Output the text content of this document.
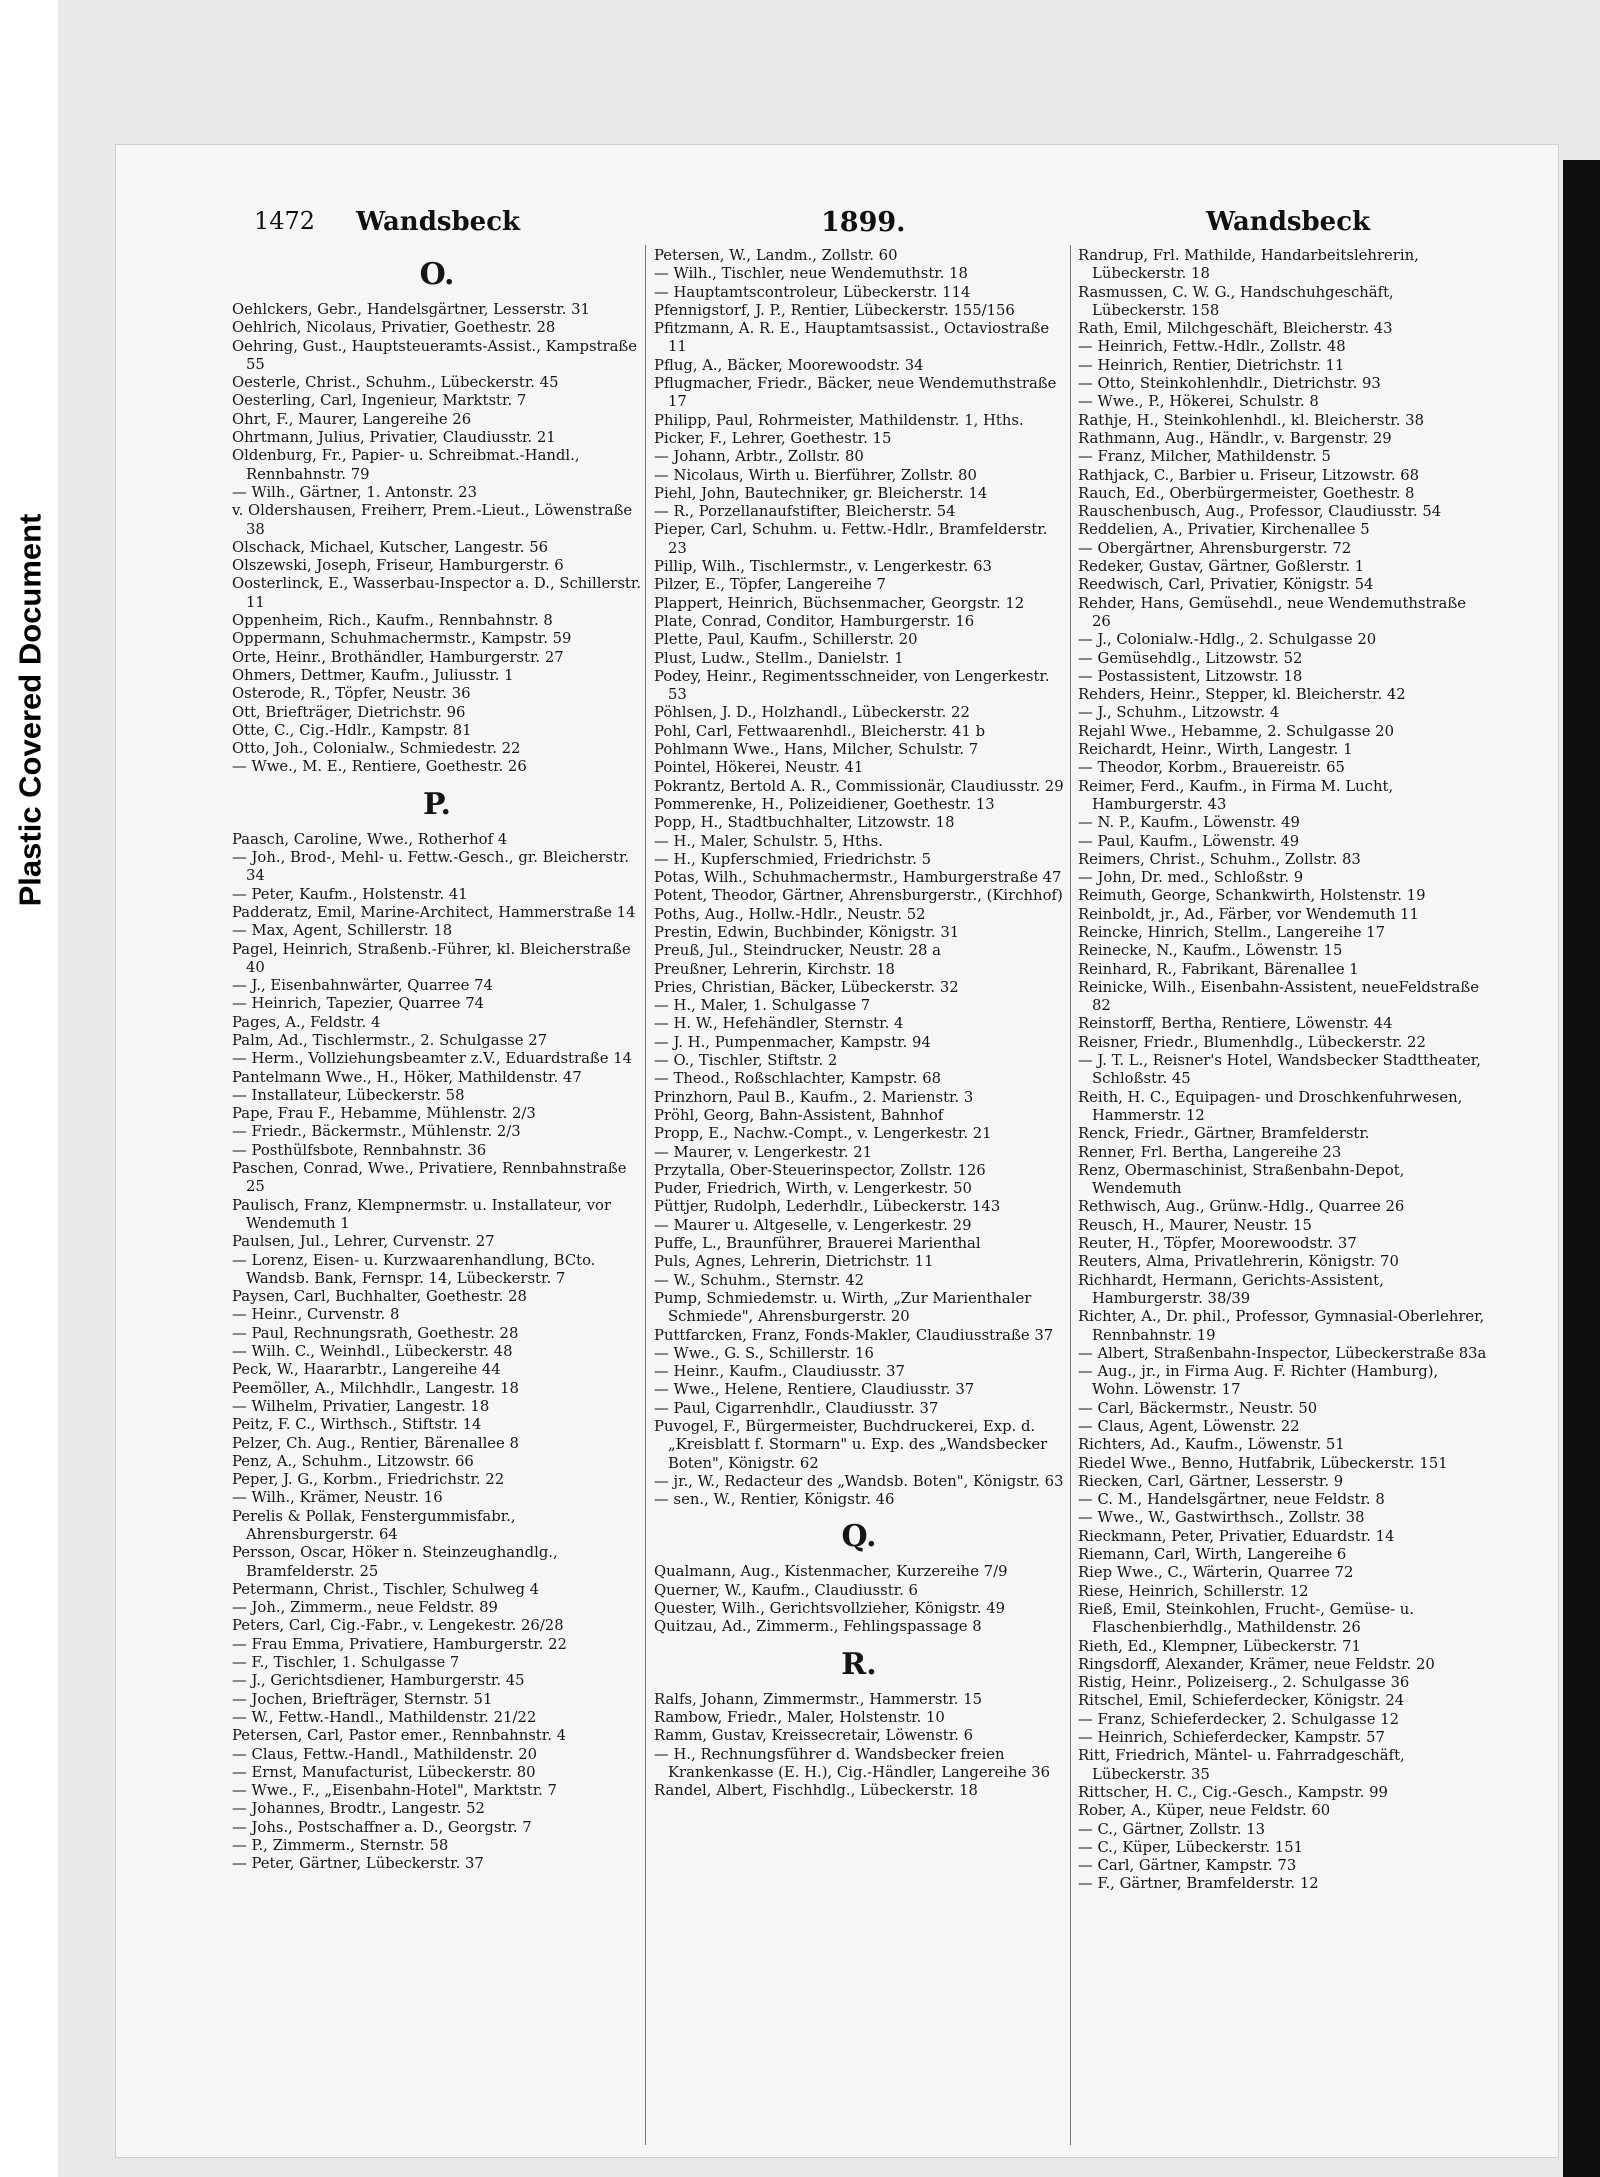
Plastic Covered Document
1472 Wandsbeck	1899.	Wandsbeck
O.
Oehlckers, Gebr., Handelsgärtner, Lesserstr. 31
Oehlrich, Nicolaus, Privatier, Goethestr. 28
Oehring, Gust., Hauptsteueramts-Assist., Kampstraße 55
Oesterle, Christ., Schuhm., Lübeckerstr. 45
Oesterling, Carl, Ingenieur, Marktstr. 7
Ohrt, F., Maurer, Langereihe 26
Ohrtmann, Julius, Privatier, Claudiusstr. 21
Oldenburg, Fr., Papier- u. Schreibmat.-Handl., Rennbahnstr. 79
— Wilh., Gärtner, 1. Antonstr. 23
v. Oldershausen, Freiherr, Prem.-Lieut., Löwenstraße 38
Olschack, Michael, Kutscher, Langestr. 56
Olszewski, Joseph, Friseur, Hamburgerstr. 6
Oosterlinck, E., Wasserbau-Inspector a. D., Schillerstr. 11
Oppenheim, Rich., Kaufm., Rennbahnstr. 8
Oppermann, Schuhmachermstr., Kampstr. 59
Orte, Heinr., Brothändler, Hamburgerstr. 27
Ohmers, Dettmer, Kaufm., Juliusstr. 1
Osterode, R., Töpfer, Neustr. 36
Ott, Briefträger, Dietrichstr. 96
Otte, C., Cig.-Hdlr., Kampstr. 81
Otto, Joh., Colonialw., Schmiedestr. 22
— Wwe., M. E., Rentiere, Goethestr. 26
P.
Paasch, Caroline, Wwe., Rotherhof 4
— Joh., Brod-, Mehl- u. Fettw.-Gesch., gr. Bleicherstr. 34
— Peter, Kaufm., Holstenstr. 41
Padderatz, Emil, Marine-Architect, Hammerstraße 14
— Max, Agent, Schillerstr. 18
Pagel, Heinrich, Straßenb.-Führer, kl. Bleicherstraße 40
— J., Eisenbahnwärter, Quarree 74
— Heinrich, Tapezier, Quarree 74
Pages, A., Feldstr. 4
Palm, Ad., Tischlermstr., 2. Schulgasse 27
— Herm., Vollziehungsbeamter z.V., Eduardstraße 14
Pantelmann Wwe., H., Höker, Mathildenstr. 47
— Installateur, Lübeckerstr. 58
Pape, Frau F., Hebamme, Mühlenstr. 2/3
— Friedr., Bäckermstr., Mühlenstr. 2/3
— Posthülfsbote, Rennbahnstr. 36
Paschen, Conrad, Wwe., Privatiere, Rennbahnstraße 25
Paulisch, Franz, Klempnermstr. u. Installateur, vor Wendemuth 1
Paulsen, Jul., Lehrer, Curvenstr. 27
— Lorenz, Eisen- u. Kurzwaarenhandlung, BCto. Wandsb. Bank, Fernspr. 14, Lübeckerstr. 7
Paysen, Carl, Buchhalter, Goethestr. 28
— Heinr., Curvenstr. 8
— Paul, Rechnungsrath, Goethestr. 28
— Wilh. C., Weinhdl., Lübeckerstr. 48
Peck, W., Haararbtr., Langereihe 44
Peemöller, A., Milchhdlr., Langestr. 18
— Wilhelm, Privatier, Langestr. 18
Peitz, F. C., Wirthsch., Stiftstr. 14
Pelzer, Ch. Aug., Rentier, Bärenallee 8
Penz, A., Schuhm., Litzowstr. 66
Peper, J. G., Korbm., Friedrichstr. 22
— Wilh., Krämer, Neustr. 16
Perelis & Pollak, Fenstergummisfabr., Ahrensburgerstr. 64
Persson, Oscar, Höker n. Steinzeughandlg., Bramfelderstr. 25
Petermann, Christ., Tischler, Schulweg 4
— Joh., Zimmerm., neue Feldstr. 89
Peters, Carl, Cig.-Fabr., v. Lengekestr. 26/28
— Frau Emma, Privatiere, Hamburgerstr. 22
— F., Tischler, 1. Schulgasse 7
— J., Gerichtsdiener, Hamburgerstr. 45
— Jochen, Briefträger, Sternstr. 51
— W., Fettw.-Handl., Mathildenstr. 21/22
Petersen, Carl, Pastor emer., Rennbahnstr. 4
— Claus, Fettw.-Handl., Mathildenstr. 20
— Ernst, Manufacturist, Lübeckerstr. 80
— Wwe., F., „Eisenbahn-Hotel", Marktstr. 7
— Johannes, Brodtr., Langestr. 52
— Johs., Postschaffner a. D., Georgstr. 7
— P., Zimmerm., Sternstr. 58
— Peter, Gärtner, Lübeckerstr. 37
Petersen, W., Landm., Zollstr. 60
— Wilh., Tischler, neue Wendemuthstr. 18
— Hauptamtscontroleur, Lübeckerstr. 114
Pfennigstorf, J. P., Rentier, Lübeckerstr. 155/156
Pfitzmann, A. R. E., Hauptamtsassist., Octaviostraße 11
Pflug, A., Bäcker, Moorewoodstr. 34
Pflugmacher, Friedr., Bäcker, neue Wendemuthstraße 17
Philipp, Paul, Rohrmeister, Mathildenstr. 1, Hths.
Picker, F., Lehrer, Goethestr. 15
— Johann, Arbtr., Zollstr. 80
— Nicolaus, Wirth u. Bierführer, Zollstr. 80
Piehl, John, Bautechniker, gr. Bleicherstr. 14
— R., Porzellanaufstifter, Bleicherstr. 54
Pieper, Carl, Schuhm. u. Fettw.-Hdlr., Bramfelderstr. 23
Pillip, Wilh., Tischlermstr., v. Lengerkestr. 63
Pilzer, E., Töpfer, Langereihe 7
Plappert, Heinrich, Büchsenmacher, Georgstr. 12
Plate, Conrad, Conditor, Hamburgerstr. 16
Plette, Paul, Kaufm., Schillerstr. 20
Plust, Ludw., Stellm., Danielstr. 1
Podey, Heinr., Regimentsschneider, von Lengerkestr. 53
Pöhlsen, J. D., Holzhandl., Lübeckerstr. 22
Pohl, Carl, Fettwaarenhdl., Bleicherstr. 41 b
Pohlmann Wwe., Hans, Milcher, Schulstr. 7
Pointel, Hökerei, Neustr. 41
Pokrantz, Bertold A. R., Commissionär, Claudiusstr. 29
Pommerenke, H., Polizeidiener, Goethestr. 13
Popp, H., Stadtbuchhalter, Litzowstr. 18
— H., Maler, Schulstr. 5, Hths.
— H., Kupferschmied, Friedrichstr. 5
Potas, Wilh., Schuhmachermstr., Hamburgerstraße 47
Potent, Theodor, Gärtner, Ahrensburgerstr., (Kirchhof)
Poths, Aug., Hollw.-Hdlr., Neustr. 52
Prestin, Edwin, Buchbinder, Königstr. 31
Preuß, Jul., Steindrucker, Neustr. 28 a
Preußner, Lehrerin, Kirchstr. 18
Pries, Christian, Bäcker, Lübeckerstr. 32
— H., Maler, 1. Schulgasse 7
— H. W., Hefehändler, Sternstr. 4
— J. H., Pumpenmacher, Kampstr. 94
— O., Tischler, Stiftstr. 2
— Theod., Roßschlachter, Kampstr. 68
Prinzhorn, Paul B., Kaufm., 2. Marienstr. 3
Pröhl, Georg, Bahn-Assistent, Bahnhof
Propp, E., Nachw.-Compt., v. Lengerkestr. 21
— Maurer, v. Lengerkestr. 21
Przytalla, Ober-Steuerinspector, Zollstr. 126
Puder, Friedrich, Wirth, v. Lengerkestr. 50
Püttjer, Rudolph, Lederhdlr., Lübeckerstr. 143
— Maurer u. Altgeselle, v. Lengerkestr. 29
Puffe, L., Braunführer, Brauerei Marienthal
Puls, Agnes, Lehrerin, Dietrichstr. 11
— W., Schuhm., Sternstr. 42
Pump, Schmiedemstr. u. Wirth, „Zur Marienthaler Schmiede", Ahrensburgerstr. 20
Puttfarcken, Franz, Fonds-Makler, Claudiusstraße 37
— Wwe., G. S., Schillerstr. 16
— Heinr., Kaufm., Claudiusstr. 37
— Wwe., Helene, Rentiere, Claudiusstr. 37
— Paul, Cigarrenhdlr., Claudiusstr. 37
Puvogel, F., Bürgermeister, Buchdruckerei, Exp. d. „Kreisblatt f. Stormarn" u. Exp. des „Wandsbecker Boten", Königstr. 62
— jr., W., Redacteur des „Wandsb. Boten", Königstr. 63
— sen., W., Rentier, Königstr. 46
Q.
Qualmann, Aug., Kistenmacher, Kurzereihe 7/9
Querner, W., Kaufm., Claudiusstr. 6
Quester, Wilh., Gerichtsvollzieher, Königstr. 49
Quitzau, Ad., Zimmerm., Fehlingspassage 8
R.
Ralfs, Johann, Zimmermstr., Hammerstr. 15
Rambow, Friedr., Maler, Holstenstr. 10
Ramm, Gustav, Kreissecretair, Löwenstr. 6
— H., Rechnungsführer d. Wandsbecker freien Krankenkasse (E. H.), Cig.-Händler, Langereihe 36
Randel, Albert, Fischhdlg., Lübeckerstr. 18
Randrup, Frl. Mathilde, Handarbeitslehrerin, Lübeckerstr. 18
Rasmussen, C. W. G., Handschuhgeschäft, Lübeckerstr. 158
Rath, Emil, Milchgeschäft, Bleicherstr. 43
— Heinrich, Fettw.-Hdlr., Zollstr. 48
— Heinrich, Rentier, Dietrichstr. 11
— Otto, Steinkohlenhdlr., Dietrichstr. 93
— Wwe., P., Hökerei, Schulstr. 8
Rathje, H., Steinkohlenhdl., kl. Bleicherstr. 38
Rathmann, Aug., Händlr., v. Bargenstr. 29
— Franz, Milcher, Mathildenstr. 5
Rathjack, C., Barbier u. Friseur, Litzowstr. 68
Rauch, Ed., Oberbürgermeister, Goethestr. 8
Rauschenbusch, Aug., Professor, Claudiusstr. 54
Reddelien, A., Privatier, Kirchenallee 5
— Obergärtner, Ahrensburgerstr. 72
Redeker, Gustav, Gärtner, Goßlerstr. 1
Reedwisch, Carl, Privatier, Königstr. 54
Rehder, Hans, Gemüsehdl., neue Wendemuthstraße 26
— J., Colonialw.-Hdlg., 2. Schulgasse 20
— Gemüsehdlg., Litzowstr. 52
— Postassistent, Litzowstr. 18
Rehders, Heinr., Stepper, kl. Bleicherstr. 42
— J., Schuhm., Litzowstr. 4
Rejahl Wwe., Hebamme, 2. Schulgasse 20
Reichardt, Heinr., Wirth, Langestr. 1
— Theodor, Korbm., Brauereistr. 65
Reimer, Ferd., Kaufm., in Firma M. Lucht, Hamburgerstr. 43
— N. P., Kaufm., Löwenstr. 49
— Paul, Kaufm., Löwenstr. 49
Reimers, Christ., Schuhm., Zollstr. 83
— John, Dr. med., Schloßstr. 9
Reimuth, George, Schankwirth, Holstenstr. 19
Reinboldt, jr., Ad., Färber, vor Wendemuth 11
Reincke, Hinrich, Stellm., Langereihe 17
Reinecke, N., Kaufm., Löwenstr. 15
Reinhard, R., Fabrikant, Bärenallee 1
Reinicke, Wilh., Eisenbahn-Assistent, neueFeldstraße 82
Reinstorff, Bertha, Rentiere, Löwenstr. 44
Reisner, Friedr., Blumenhdlg., Lübeckerstr. 22
— J. T. L., Reisner's Hotel, Wandsbecker Stadttheater, Schloßstr. 45
Reith, H. C., Equipagen- und Droschkenfuhrwesen, Hammerstr. 12
Renck, Friedr., Gärtner, Bramfelderstr.
Renner, Frl. Bertha, Langereihe 23
Renz, Obermaschinist, Straßenbahn-Depot, Wendemuth
Rethwisch, Aug., Grünw.-Hdlg., Quarree 26
Reusch, H., Maurer, Neustr. 15
Reuter, H., Töpfer, Moorewoodstr. 37
Reuters, Alma, Privatlehrerin, Königstr. 70
Richhardt, Hermann, Gerichts-Assistent, Hamburgerstr. 38/39
Richter, A., Dr. phil., Professor, Gymnasial-Oberlehrer, Rennbahnstr. 19
— Albert, Straßenbahn-Inspector, Lübeckerstraße 83a
— Aug., jr., in Firma Aug. F. Richter (Hamburg), Wohn. Löwenstr. 17
— Carl, Bäckermstr., Neustr. 50
— Claus, Agent, Löwenstr. 22
Richters, Ad., Kaufm., Löwenstr. 51
Riedel Wwe., Benno, Hutfabrik, Lübeckerstr. 151
Riecken, Carl, Gärtner, Lesserstr. 9
— C. M., Handelsgärtner, neue Feldstr. 8
— Wwe., W., Gastwirthsch., Zollstr. 38
Rieckmann, Peter, Privatier, Eduardstr. 14
Riemann, Carl, Wirth, Langereihe 6
Riep Wwe., C., Wärterin, Quarree 72
Riese, Heinrich, Schillerstr. 12
Rieß, Emil, Steinkohlen, Frucht-, Gemüse- u. Flaschenbierhdlg., Mathildenstr. 26
Rieth, Ed., Klempner, Lübeckerstr. 71
Ringsdorff, Alexander, Krämer, neue Feldstr. 20
Ristig, Heinr., Polizeiserg., 2. Schulgasse 36
Ritschel, Emil, Schieferdecker, Königstr. 24
— Franz, Schieferdecker, 2. Schulgasse 12
— Heinrich, Schieferdecker, Kampstr. 57
Ritt, Friedrich, Mäntel- u. Fahrradgeschäft, Lübeckerstr. 35
Rittscher, H. C., Cig.-Gesch., Kampstr. 99
Rober, A., Küper, neue Feldstr. 60
— C., Gärtner, Zollstr. 13
— C., Küper, Lübeckerstr. 151
— Carl, Gärtner, Kampstr. 73
— F., Gärtner, Bramfelderstr. 12
